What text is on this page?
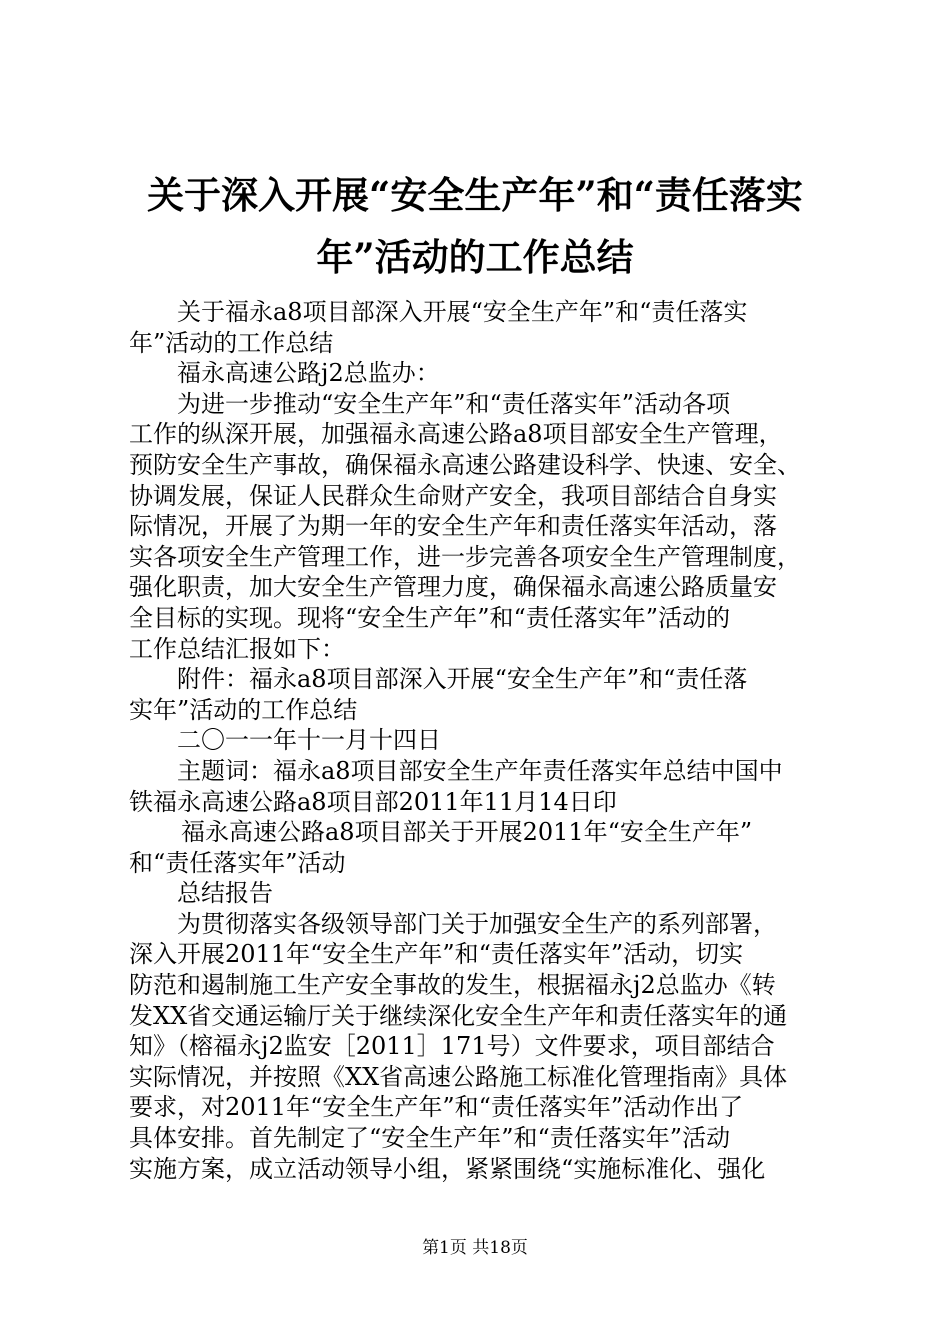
关于深入开展“安全生产年”和“责任落实
年”活动的工作总结
关于福永a8项目部深入开展“安全生产年”和“责任落实
年”活动的工作总结
福永高速公路j2总监办：
为进一步推动“安全生产年”和“责任落实年”活动各项
工作的纵深开展，加强福永高速公路a8项目部安全生产管理，
预防安全生产事故，确保福永高速公路建设科学、快速、安全、
协调发展，保证人民群众生命财产安全，我项目部结合自身实
际情况，开展了为期一年的安全生产年和责任落实年活动，落
实各项安全生产管理工作，进一步完善各项安全生产管理制度，
强化职责，加大安全生产管理力度，确保福永高速公路质量安
全目标的实现。现将“安全生产年”和“责任落实年”活动的
工作总结汇报如下：
附件：福永a8项目部深入开展“安全生产年”和“责任落
实年”活动的工作总结
二〇一一年十一月十四日
主题词：福永a8项目部安全生产年责任落实年总结中国中
铁福永高速公路a8项目部2011年11月14日印
福永高速公路a8项目部关于开展2011年“安全生产年”
和“责任落实年”活动
总结报告
为贯彻落实各级领导部门关于加强安全生产的系列部署，
深入开展2011年“安全生产年”和“责任落实年”活动，切实
防范和遏制施工生产安全事故的发生，根据福永j2总监办《转
发XX省交通运输厅关于继续深化安全生产年和责任落实年的通
知》（榕福永j2监安［2011］171号）文件要求，项目部结合
实际情况，并按照《XX省高速公路施工标准化管理指南》具体
要求，对2011年“安全生产年”和“责任落实年”活动作出了
具体安排。首先制定了“安全生产年”和“责任落实年”活动
实施方案，成立活动领导小组，紧紧围绕“实施标准化、强化
第1页 共18页
